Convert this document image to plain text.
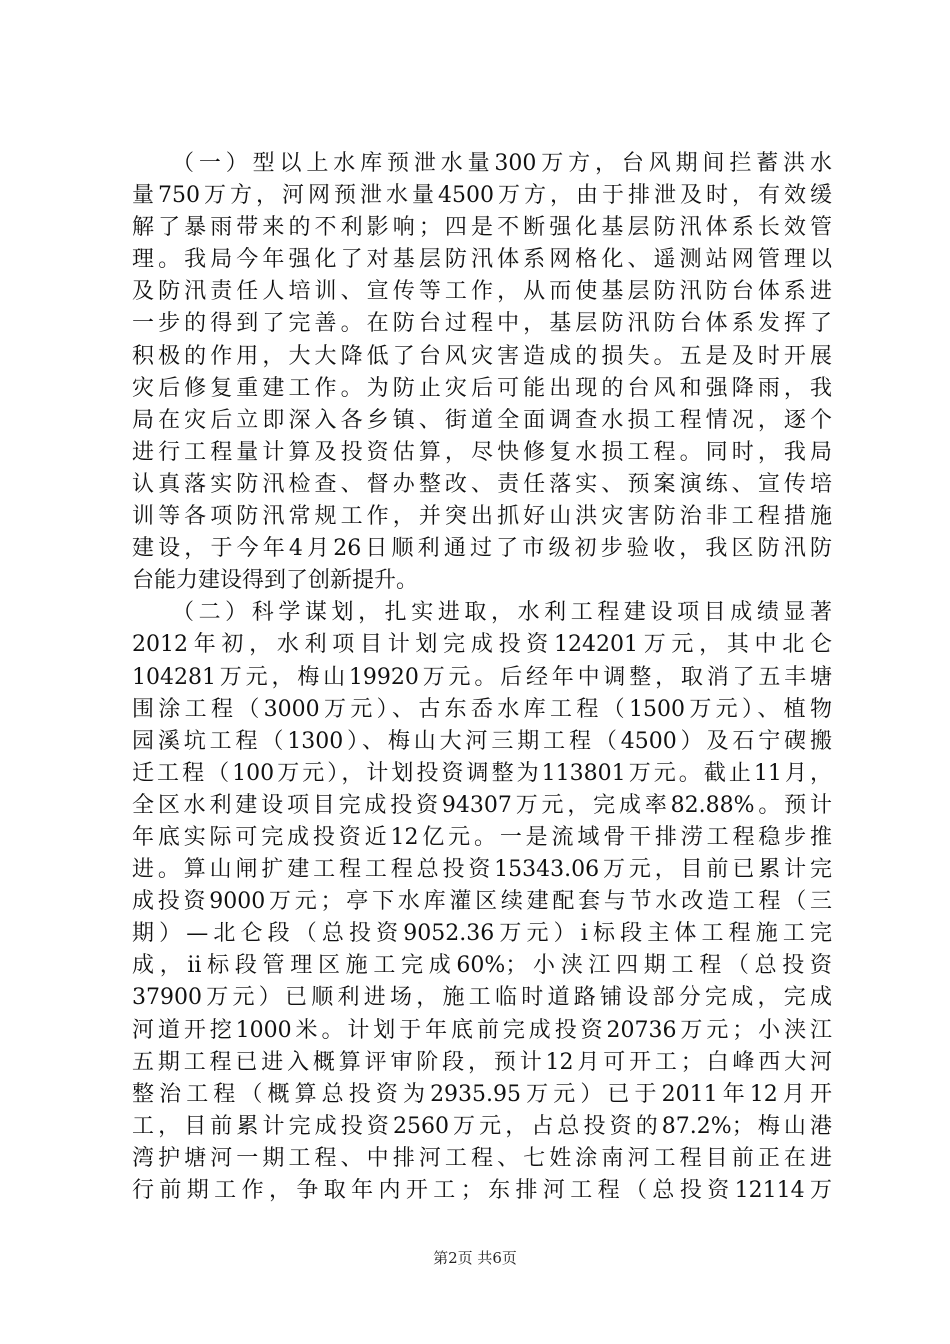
（一）型以上水库预泄水量300万方，台风期间拦蓄洪水
量750万方，河网预泄水量4500万方，由于排泄及时，有效缓
解了暴雨带来的不利影响；四是不断强化基层防汛体系长效管
理。我局今年强化了对基层防汛体系网格化、遥测站网管理以
及防汛责任人培训、宣传等工作，从而使基层防汛防台体系进
一步的得到了完善。在防台过程中，基层防汛防台体系发挥了
积极的作用，大大降低了台风灾害造成的损失。五是及时开展
灾后修复重建工作。为防止灾后可能出现的台风和强降雨，我
局在灾后立即深入各乡镇、街道全面调查水损工程情况，逐个
进行工程量计算及投资估算，尽快修复水损工程。同时，我局
认真落实防汛检查、督办整改、责任落实、预案演练、宣传培
训等各项防汛常规工作，并突出抓好山洪灾害防治非工程措施
建设，于今年4月26日顺利通过了市级初步验收，我区防汛防
台能力建设得到了创新提升。
（二）科学谋划，扎实进取，水利工程建设项目成绩显著
2012年初，水利项目计划完成投资124201万元，其中北仑
104281万元，梅山19920万元。后经年中调整，取消了五丰塘
围涂工程（3000万元）、古东岙水库工程（1500万元）、植物
园溪坑工程（1300）、梅山大河三期工程（4500）及石宁碶搬
迁工程（100万元），计划投资调整为113801万元。截止11月，
全区水利建设项目完成投资94307万元，完成率82.88%。预计
年底实际可完成投资近12亿元。一是流域骨干排涝工程稳步推
进。算山闸扩建工程工程总投资15343.06万元，目前已累计完
成投资9000万元；亭下水库灌区续建配套与节水改造工程（三
期）—北仑段（总投资9052.36万元）ⅰ标段主体工程施工完
成，ⅱ标段管理区施工完成60%；小浃江四期工程（总投资
37900万元）已顺利进场，施工临时道路铺设部分完成，完成
河道开挖1000米。计划于年底前完成投资20736万元；小浃江
五期工程已进入概算评审阶段，预计12月可开工；白峰西大河
整治工程（概算总投资为2935.95万元）已于2011年12月开
工，目前累计完成投资2560万元，占总投资的87.2%；梅山港
湾护塘河一期工程、中排河工程、七姓涂南河工程目前正在进
行前期工作，争取年内开工；东排河工程（总投资12114万
第2页 共6页
